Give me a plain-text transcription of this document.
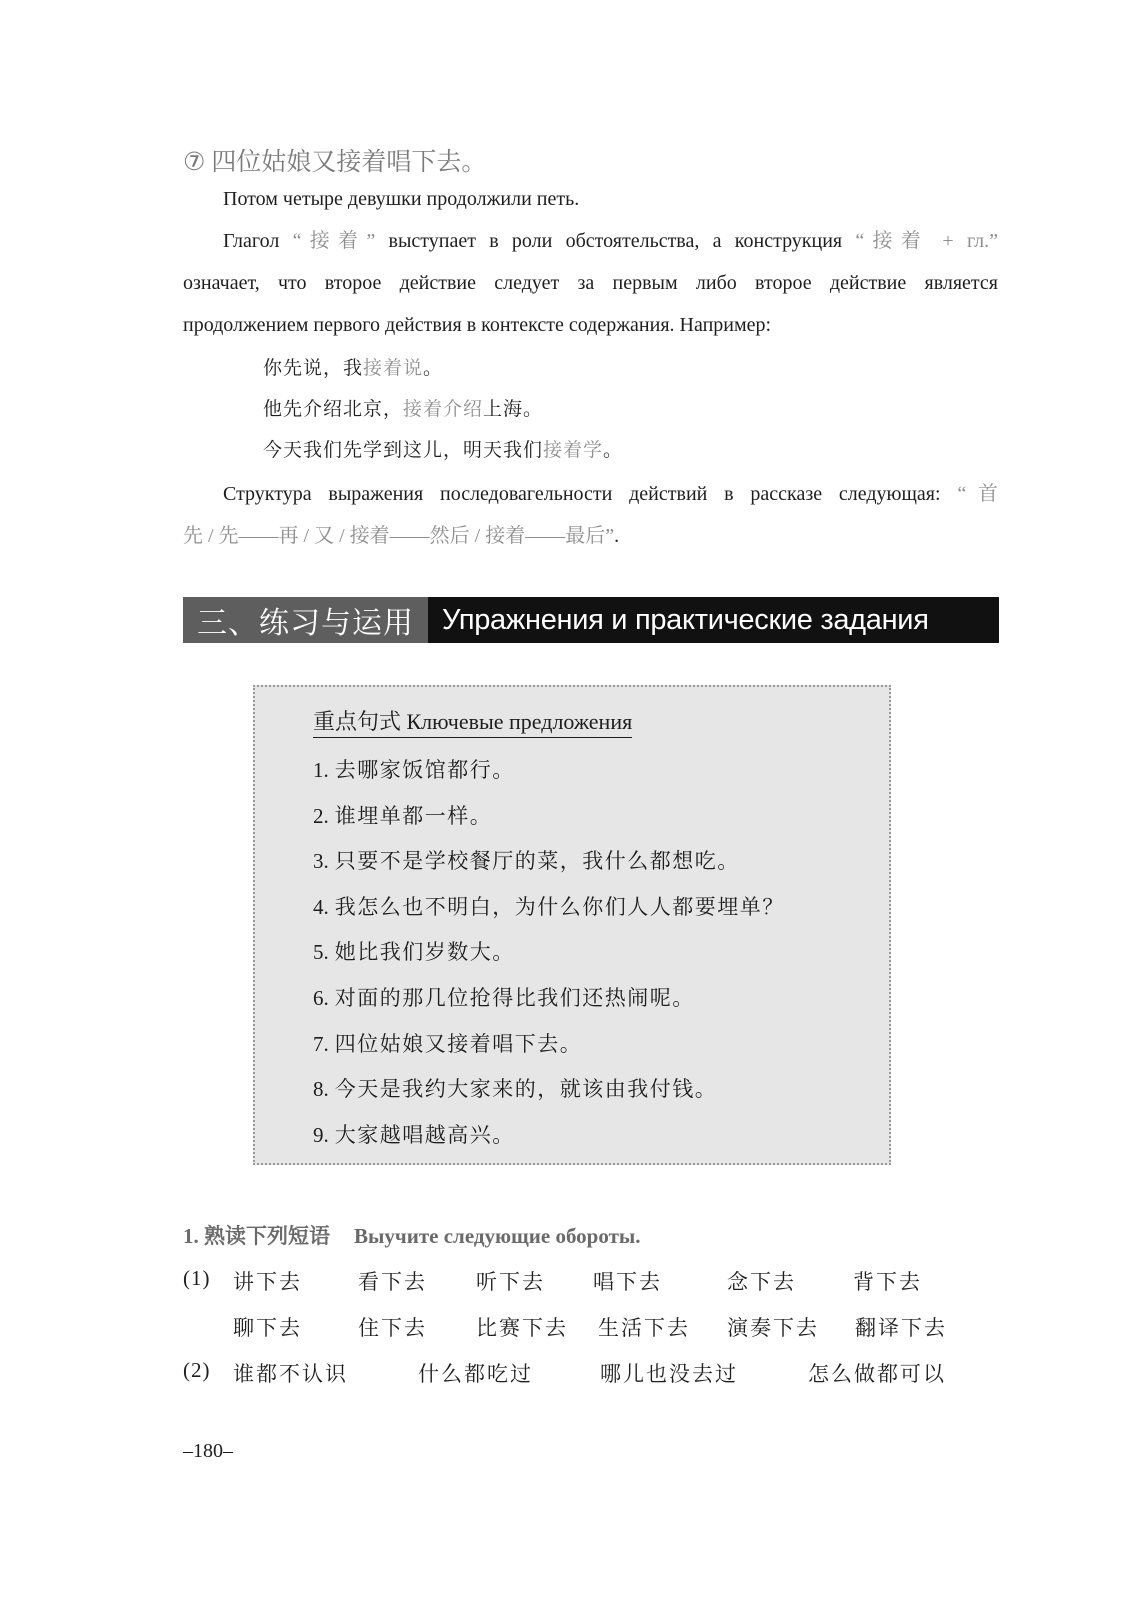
⑦ 四位姑娘又接着唱下去。
Потом четыре девушки продолжили петь.
Глагол “接着” выступает в роли обстоятельства, а конструкция “接着 + гл.”
означает, что второе действие следует за первым либо второе действие является
продолжением первого действия в контексте содержания. Например:
你先说，我接着说。
他先介绍北京，接着介绍上海。
今天我们先学到这儿，明天我们接着学。
Структура выражения последовагельности действий в рассказе следующая: “首
先 / 先——再 / 又 / 接着——然后 / 接着——最后”.
三、练习与运用 Упражнения и практические задания
重点句式 Ключевые предложения
1. 去哪家饭馆都行。
2. 谁埋单都一样。
3. 只要不是学校餐厅的菜，我什么都想吃。
4. 我怎么也不明白，为什么你们人人都要埋单？
5. 她比我们岁数大。
6. 对面的那几位抢得比我们还热闹呢。
7. 四位姑娘又接着唱下去。
8. 今天是我约大家来的，就该由我付钱。
9. 大家越唱越高兴。
1. 熟读下列短语 Выучите следующие обороты.
(1) 讲下去	看下去 听下去 唱下去	念下去	背下去
聊下去	住下去 比赛下去 生活下去 演奏下去 翻译下去
(2) 谁都不认识	什么都吃过	哪儿也没去过	怎么做都可以
–180–
